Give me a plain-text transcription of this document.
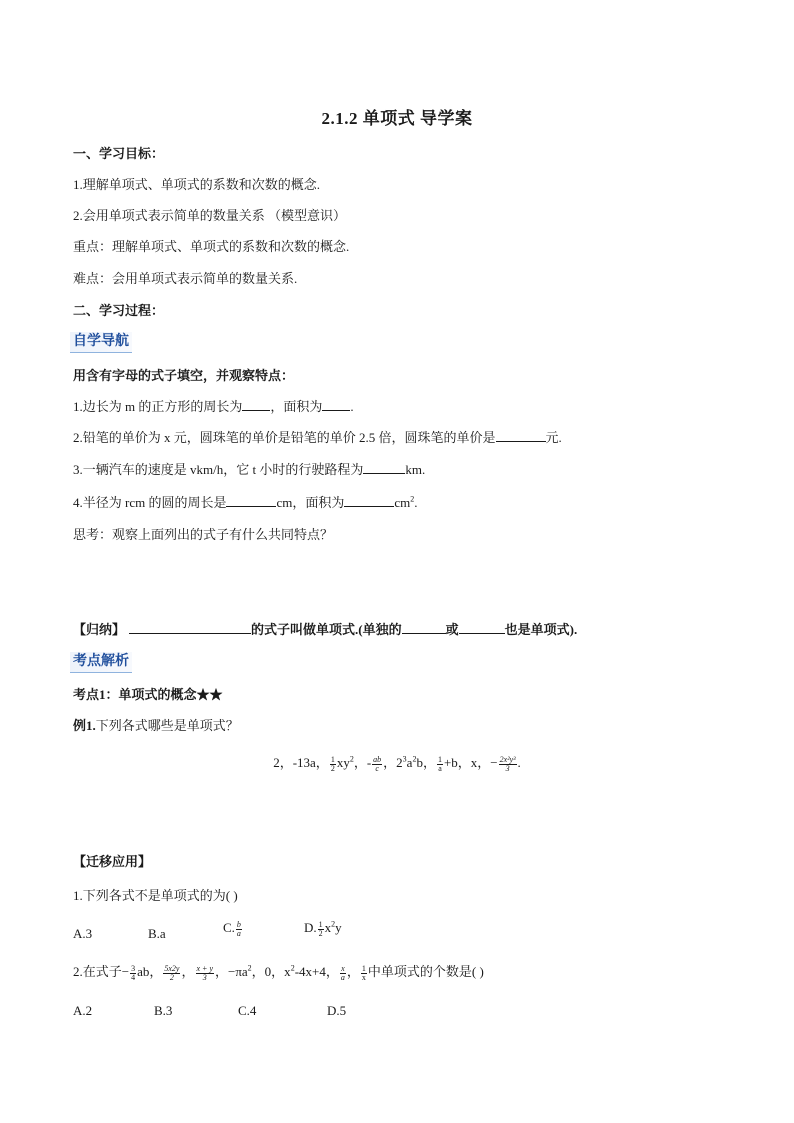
2.1.2 单项式 导学案
一、学习目标：
1.理解单项式、单项式的系数和次数的概念.
2.会用单项式表示简单的数量关系 （模型意识）
重点：理解单项式、单项式的系数和次数的概念.
难点：会用单项式表示简单的数量关系.
二、学习过程：
自学导航
用含有字母的式子填空，并观察特点：
1.边长为 m 的正方形的周长为 ，面积为 .
2.铅笔的单价为 x 元，圆珠笔的单价是铅笔的单价 2.5 倍，圆珠笔的单价是	元.
3.一辆汽车的速度是 vkm/h，它 t 小时的行驶路程为	km.
4.半径为 rcm 的圆的周长是	cm，面积为	$cm^2$.
思考：观察上面列出的式子有什么共同特点？
【归纳】	的式子叫做单项式.(单独的	或	也是单项式).
考点解析
考点1：单项式的概念★★
例1.下列各式哪些是单项式？
2，-13a， $\frac{1}{2} xy^2$，- $\frac{ab}{c}$ ，$2^3a^2b$， $\frac{1}{a} +b$，x，− $\frac{\text{2x²y³}}{3}$ .
【迁移应用】
1.下列各式不是单项式的为( )
A.3	B.a	C. $\frac{b}{a}$	D. $\frac{1}{2} x^2y$
2.在式子− $\frac{3}{4}$ ab， $\frac{5x2y}{2}$ ， $\frac{x + y}{3}$ ，$-\pi a^2$，0，$x^2-4x+4$， $\frac{x}{a}$ ， $\frac{1}{x}$ 中单项式的个数是( )
A.2	B.3	C.4	D.5
